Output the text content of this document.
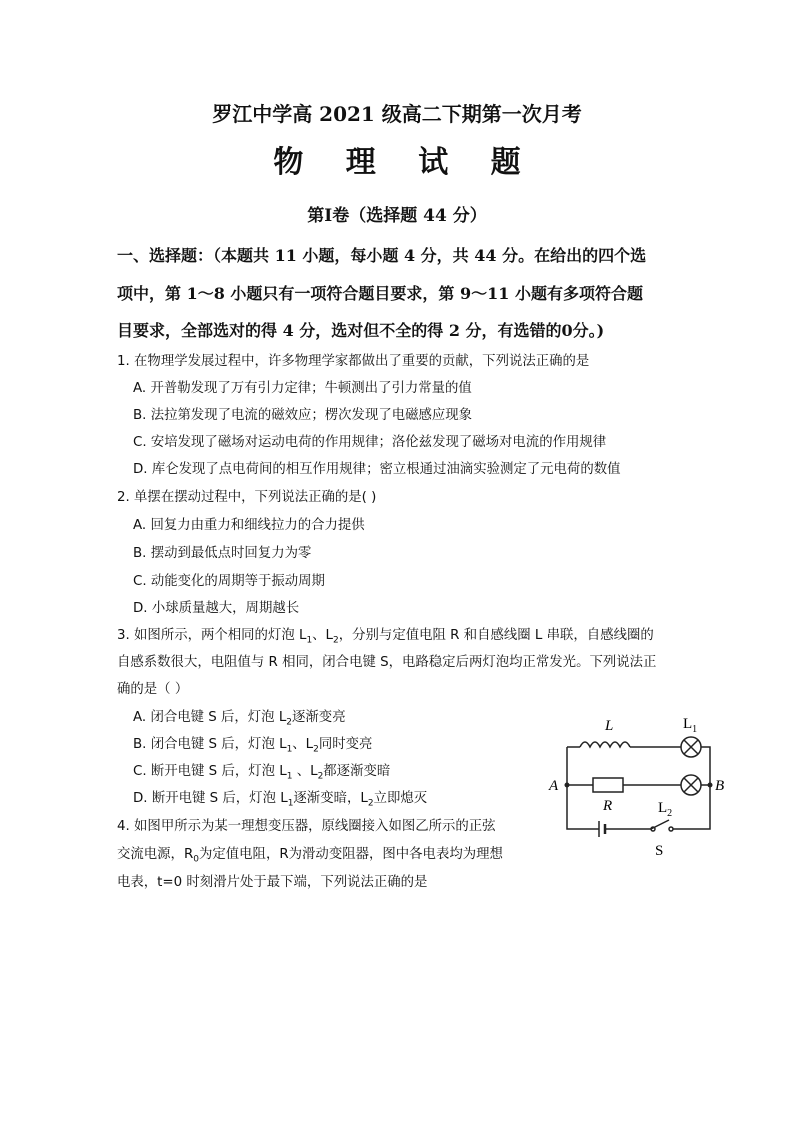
罗江中学高 2021 级高二下期第一次月考
物 理 试 题
第Ⅰ卷（选择题 44 分）
一、选择题：（本题共 11 小题，每小题 4 分，共 44 分。在给出的四个选
项中，第 1～8 小题只有一项符合题目要求，第 9～11 小题有多项符合题
目要求，全部选对的得 4 分，选对但不全的得 2 分，有选错的0分。)
1. 在物理学发展过程中，许多物理学家都做出了重要的贡献，下列说法正确的是
A. 开普勒发现了万有引力定律；牛顿测出了引力常量的值
B. 法拉第发现了电流的磁效应；楞次发现了电磁感应现象
C. 安培发现了磁场对运动电荷的作用规律；洛伦兹发现了磁场对电流的作用规律
D. 库仑发现了点电荷间的相互作用规律；密立根通过油滴实验测定了元电荷的数值
2. 单摆在摆动过程中，下列说法正确的是( )
A. 回复力由重力和细线拉力的合力提供
B. 摆动到最低点时回复力为零
C. 动能变化的周期等于振动周期
D. 小球质量越大，周期越长
3. 如图所示，两个相同的灯泡 $L_1$、$L_2$，分别与定值电阻 R 和自感线圈 L 串联，自感线圈的
自感系数很大，电阻值与 R 相同，闭合电键 S，电路稳定后两灯泡均正常发光。下列说法正
确的是（ ）
A. 闭合电键 S 后，灯泡 $L_2$逐渐变亮
B. 闭合电键 S 后，灯泡 $L_1$、$L_2$同时变亮
C. 断开电键 S 后，灯泡 $L_1$ 、$L_2$都逐渐变暗
D. 断开电键 S 后，灯泡 $L_1$逐渐变暗，$L_2$立即熄灭
4. 如图甲所示为某一理想变压器，原线圈接入如图乙所示的正弦
交流电源，$R_0$为定值电阻，R为滑动变阻器，图中各电表均为理想
电表，t=0 时刻滑片处于最下端，下列说法正确的是
L	$L_1$
A	B
R	$L_2$
S
